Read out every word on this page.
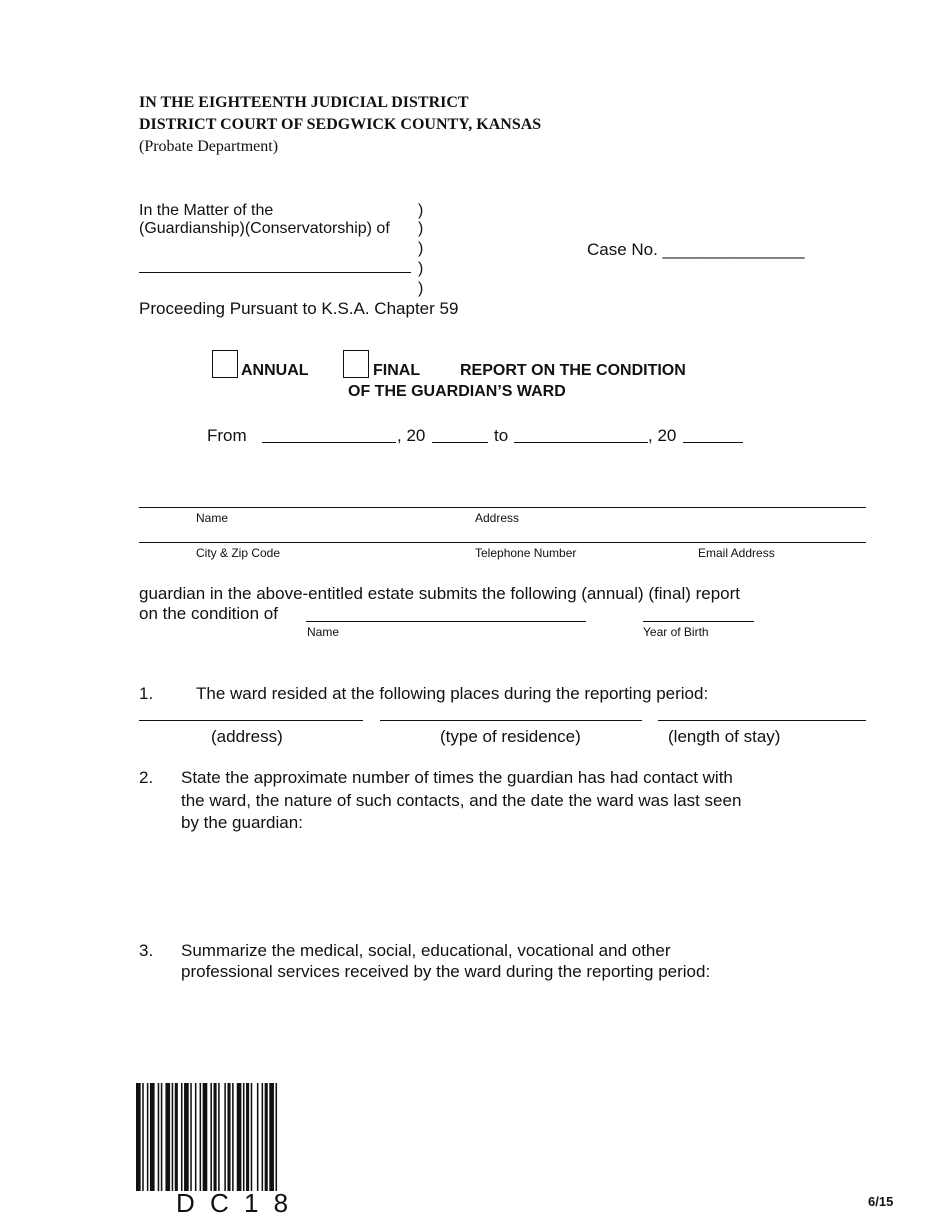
IN THE EIGHTEENTH JUDICIAL DISTRICT
DISTRICT COURT OF SEDGWICK COUNTY, KANSAS
(Probate Department)
In the Matter of the
(Guardianship)(Conservatorship) of
)
)
)
)
)
Case No. _______________
Proceeding Pursuant to K.S.A. Chapter 59
ANNUAL	FINAL REPORT ON THE CONDITION
OF THE GUARDIAN’S WARD
From	, 20	to	, 20
Name	Address
City & Zip Code	Telephone Number	Email Address
guardian in the above-entitled estate submits the following (annual) (final) report
on the condition of
Name	Year of Birth
1.	The ward resided at the following places during the reporting period:
(address)	(type of residence)	(length of stay)
2. State the approximate number of times the guardian has had contact with
the ward, the nature of such contacts, and the date the ward was last seen
by the guardian:
3. Summarize the medical, social, educational, vocational and other
professional services received by the ward during the reporting period:
D C 1 8	6/15
